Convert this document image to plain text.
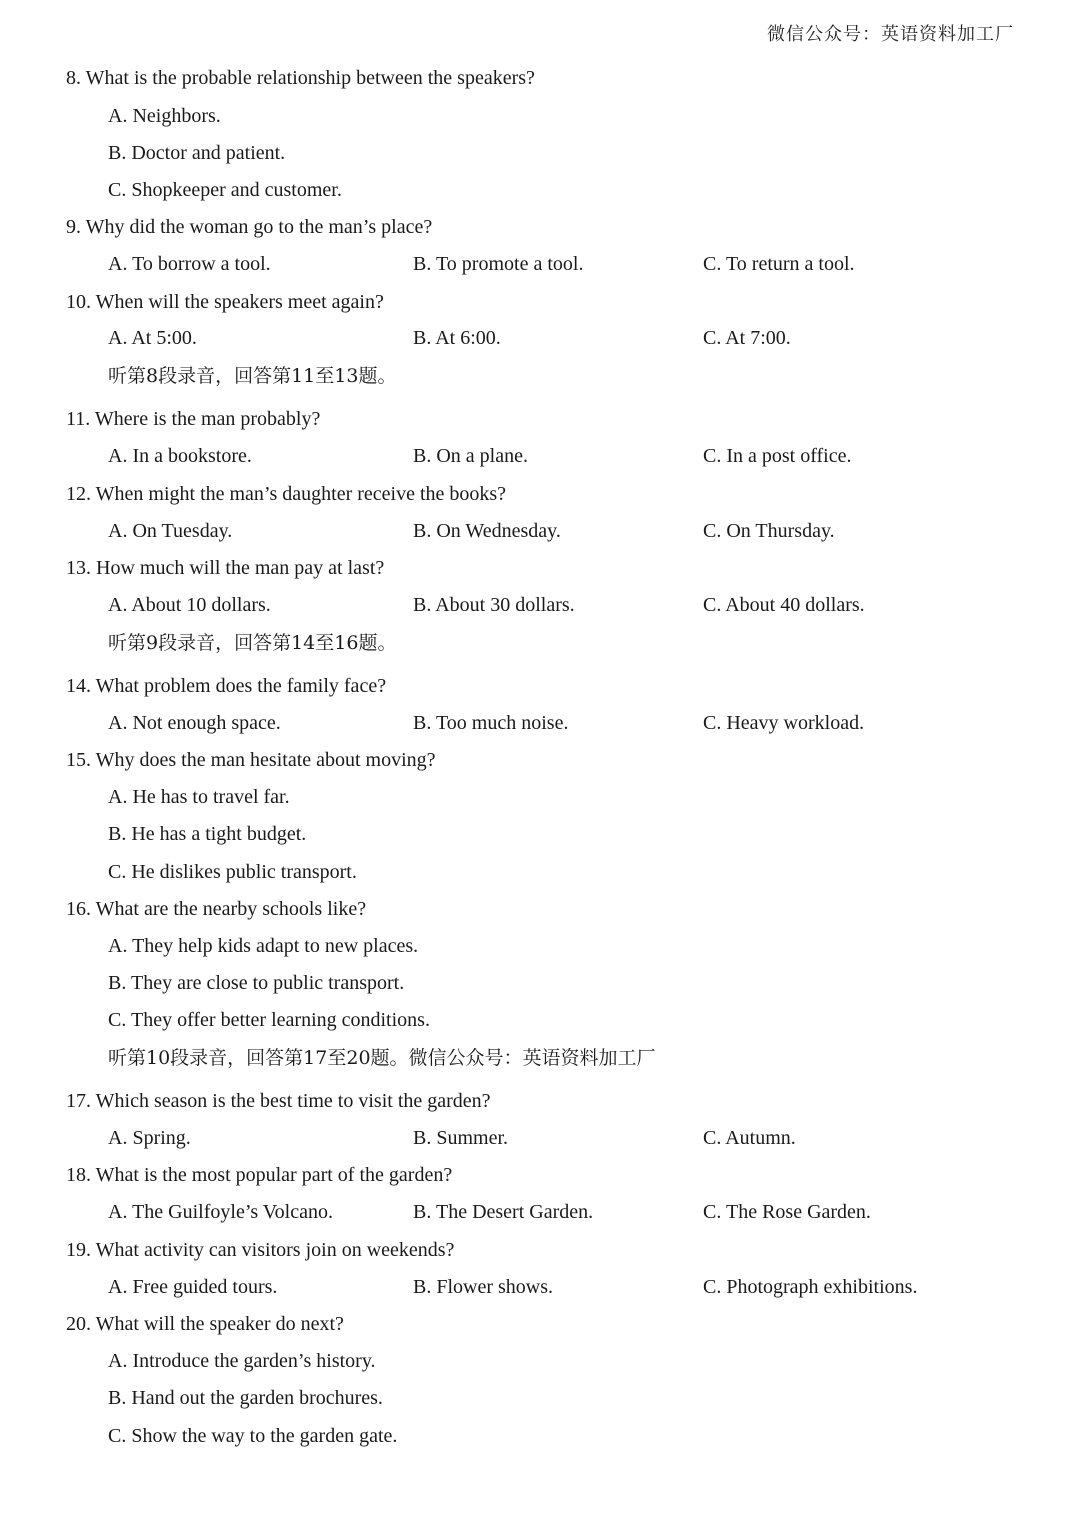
微信公众号：英语资料加工厂
8. What is the probable relationship between the speakers?
A. Neighbors.
B. Doctor and patient.
C. Shopkeeper and customer.
9. Why did the woman go to the man’s place?
A. To borrow a tool.	B. To promote a tool.	C. To return a tool.
10. When will the speakers meet again?
A. At 5:00.	B. At 6:00.	C. At 7:00.
听第8段录音，回答第11至13题。
11. Where is the man probably?
A. In a bookstore.	B. On a plane.	C. In a post office.
12. When might the man’s daughter receive the books?
A. On Tuesday.	B. On Wednesday.	C. On Thursday.
13. How much will the man pay at last?
A. About 10 dollars.	B. About 30 dollars.	C. About 40 dollars.
听第9段录音，回答第14至16题。
14. What problem does the family face?
A. Not enough space.	B. Too much noise.	C. Heavy workload.
15. Why does the man hesitate about moving?
A. He has to travel far.
B. He has a tight budget.
C. He dislikes public transport.
16. What are the nearby schools like?
A. They help kids adapt to new places.
B. They are close to public transport.
C. They offer better learning conditions.
听第10段录音，回答第17至20题。微信公众号：英语资料加工厂
17. Which season is the best time to visit the garden?
A. Spring.	B. Summer.	C. Autumn.
18. What is the most popular part of the garden?
A. The Guilfoyle’s Volcano.	B. The Desert Garden.	C. The Rose Garden.
19. What activity can visitors join on weekends?
A. Free guided tours.	B. Flower shows.	C. Photograph exhibitions.
20. What will the speaker do next?
A. Introduce the garden’s history.
B. Hand out the garden brochures.
C. Show the way to the garden gate.
